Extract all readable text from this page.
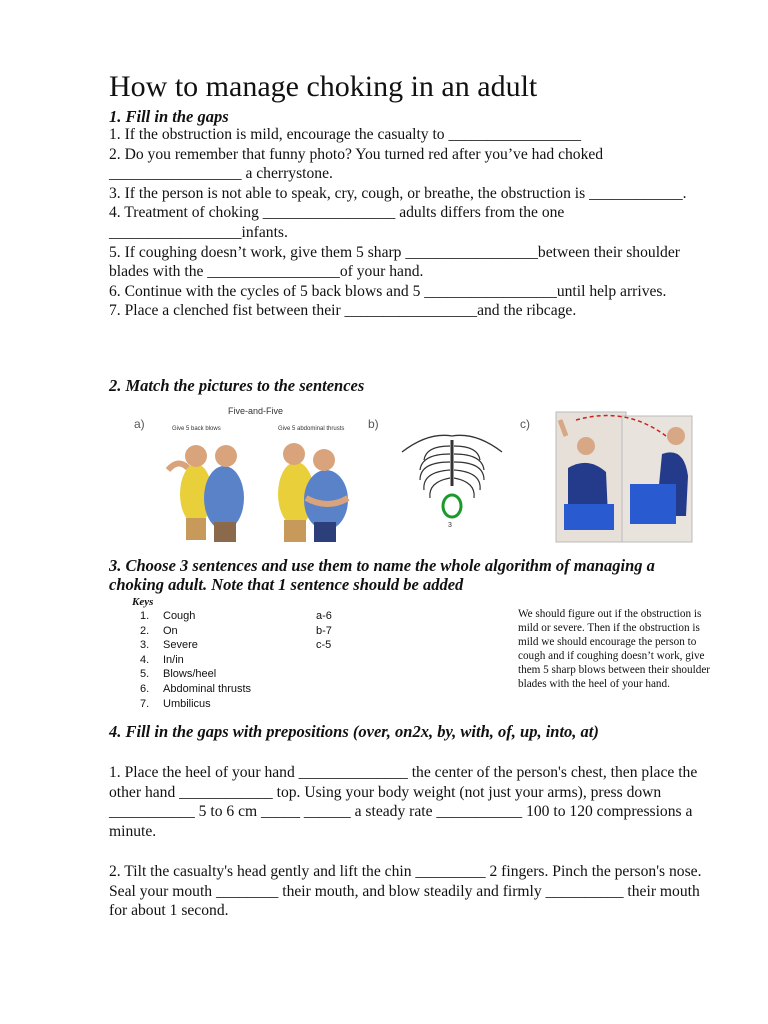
How to manage choking in an adult
1. Fill in the gaps

1. If the obstruction is mild, encourage the casualty to _________________

2. Do you remember that funny photo? You turned red after you’ve had choked _________________ a cherrystone.

3. If the person is not able to speak, cry, cough, or breathe, the obstruction is ____________.

4. Treatment of choking _________________ adults differs from the one _________________infants.

5. If coughing doesn’t work, give them 5 sharp _________________between their shoulder blades with the _________________of your hand.

6. Continue with the cycles of 5 back blows and 5 _________________until help arrives.

7. Place a clenched fist between their _________________and the ribcage.

2. Match the pictures to the sentences
a)
Five-and-Five
Give 5 back blows	Give 5 abdominal thrusts b)
3
c)
3. Choose 3 sentences and use them to name the whole algorithm of managing a choking adult. Note that 1 sentence should be added
Keys
1. Cough
2. On
3. Severe
4. In/in
5. Blows/heel
6. Abdominal thrusts
7. Umbilicus
a-6
b-7
c-5
We should figure out if the obstruction is mild or severe. Then if the obstruction is mild we should encourage the person to cough and if coughing doesn’t work, give them 5 sharp blows between their shoulder blades with the heel of your hand.
4. Fill in the gaps with prepositions (over, on2x, by, with, of, up, into, at)
1. Place the heel of your hand ______________ the center of the person's chest, then place the other hand ____________ top. Using your body weight (not just your arms), press down ___________ 5 to 6 cm _____ ______ a steady rate ___________ 100 to 120 compressions a minute.
2. Tilt the casualty's head gently and lift the chin _________ 2 fingers. Pinch the person's nose. Seal your mouth ________ their mouth, and blow steadily and firmly __________ their mouth for about 1 second.
